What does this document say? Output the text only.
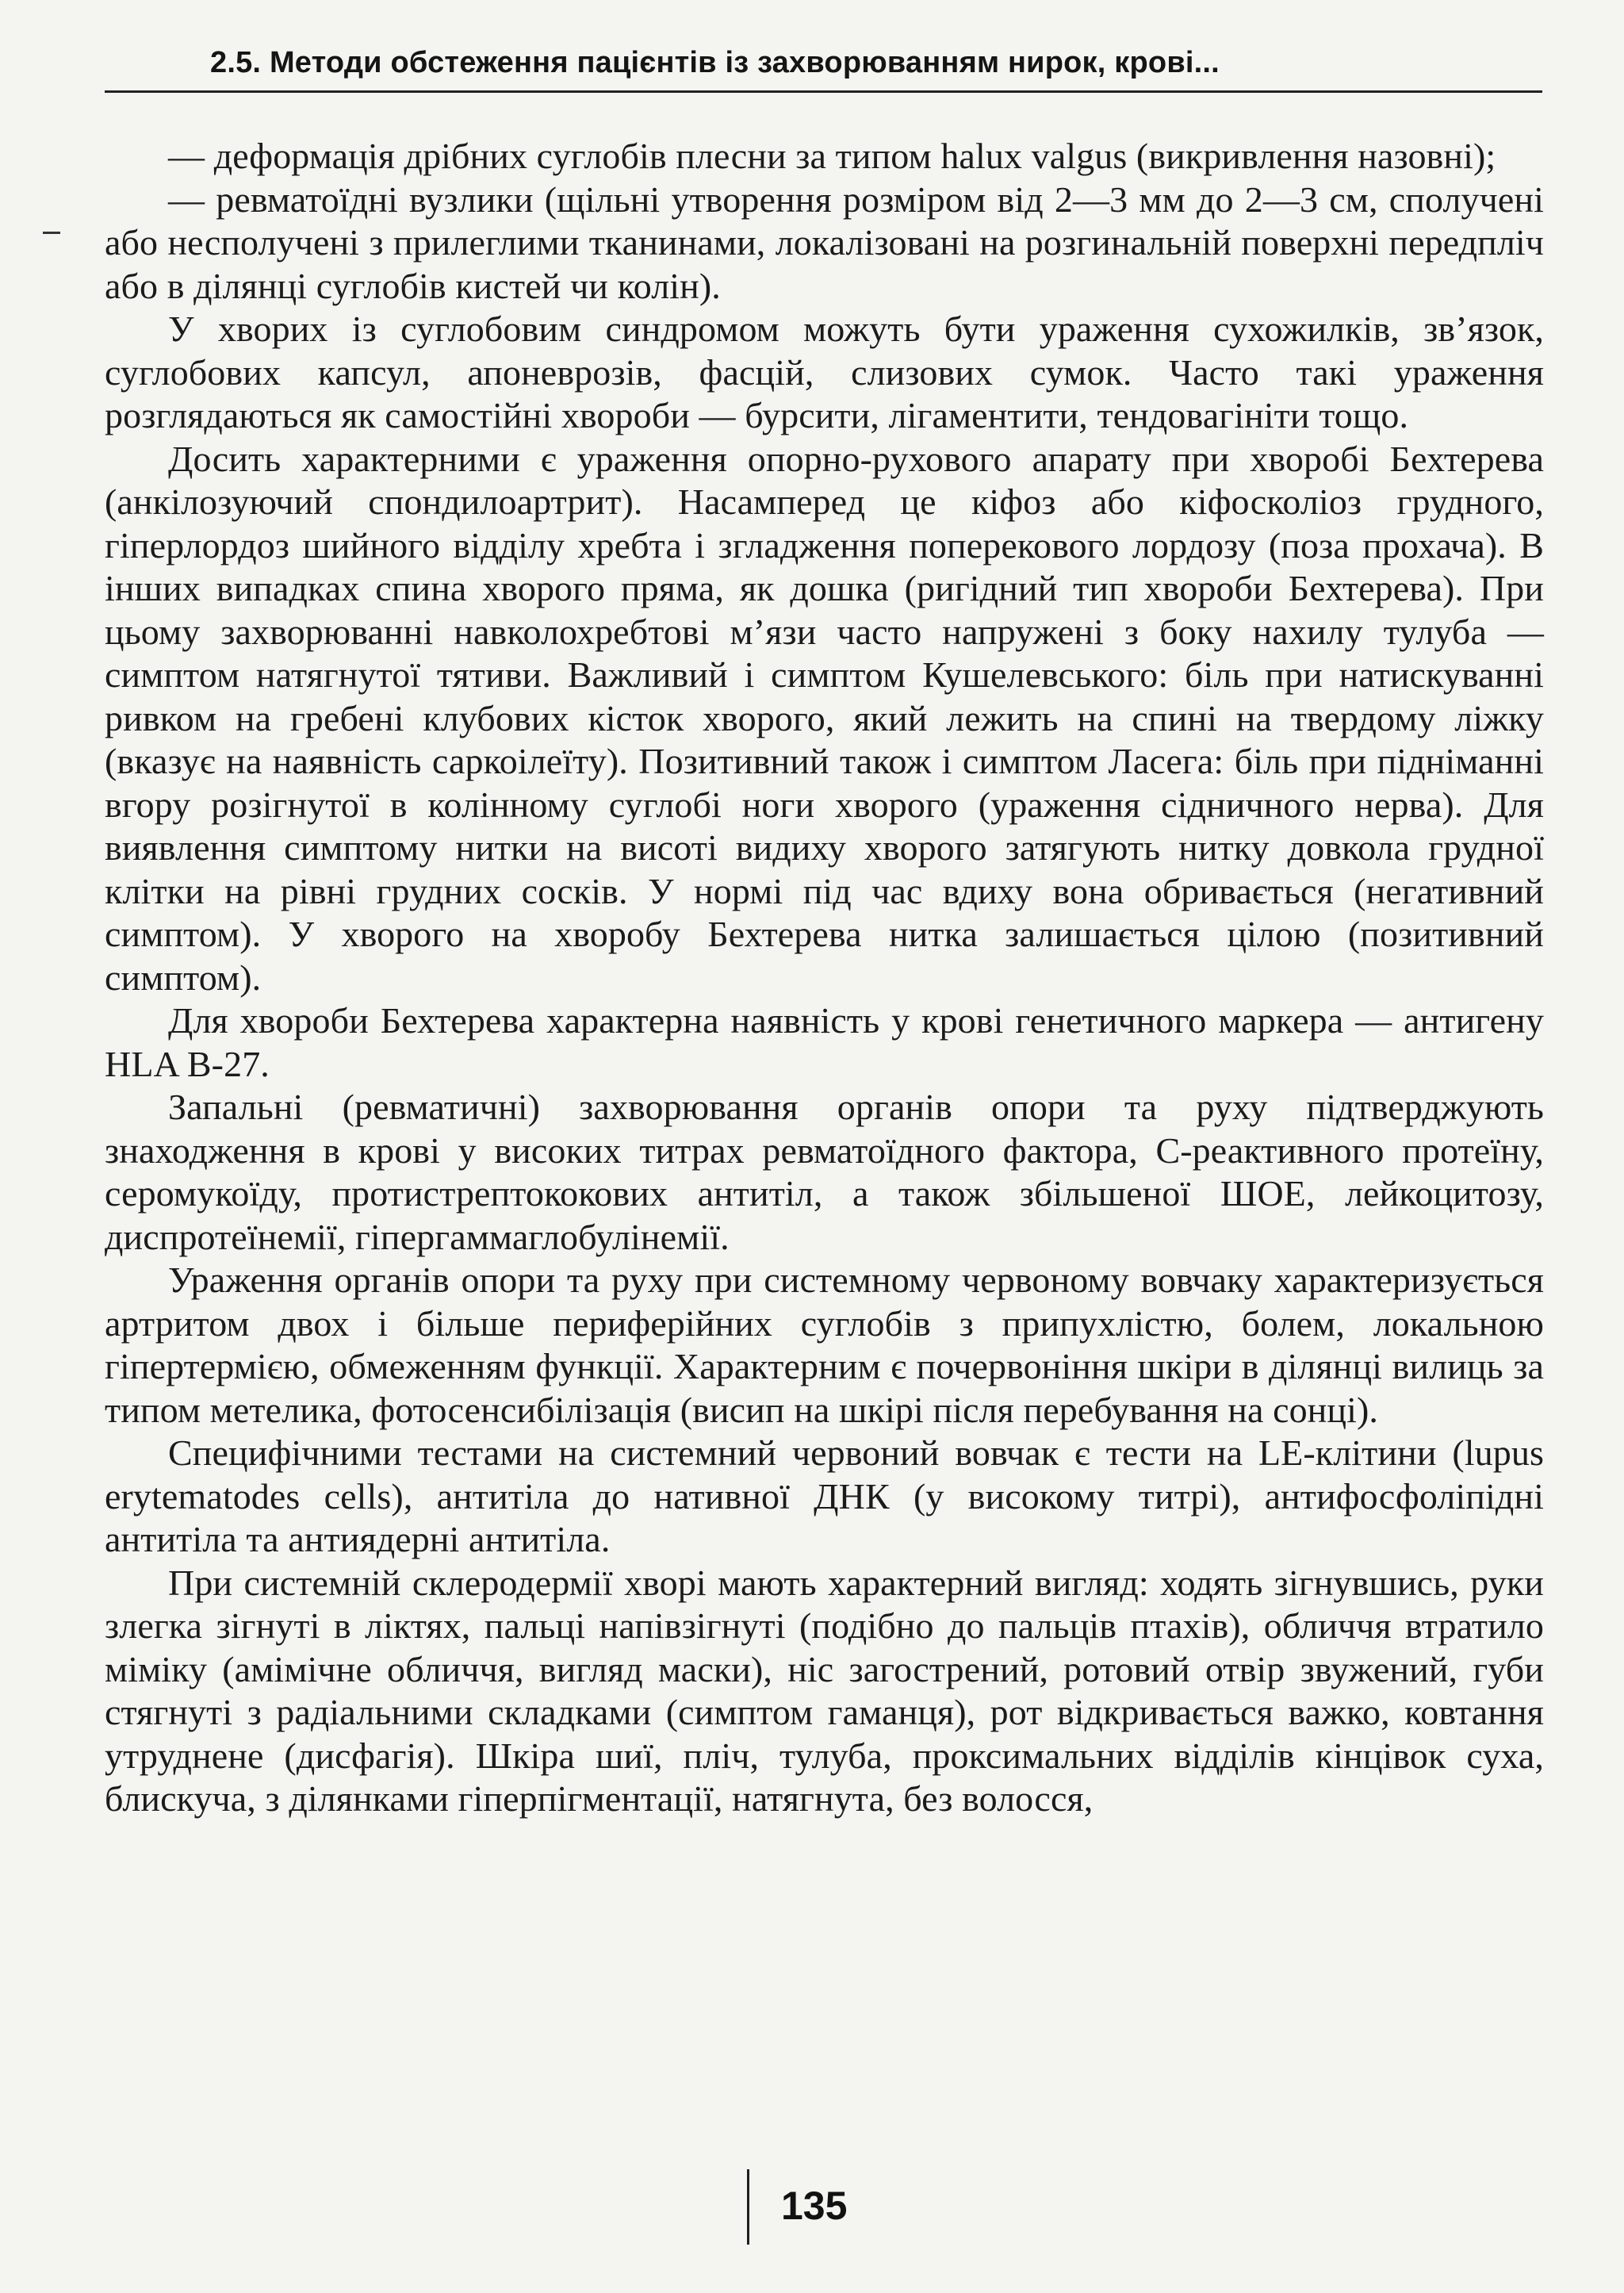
2.5. Методи обстеження пацієнтів із захворюванням нирок, крові...

— деформація дрібних суглобів плесни за типом halux valgus (викривлення назовні);

— ревматоїдні вузлики (щільні утворення розміром від 2—3 мм до 2—3 см, сполучені або несполучені з прилеглими тканинами, локалізовані на розгинальній поверхні передпліч або в ділянці суглобів кистей чи колін).

У хворих із суглобовим синдромом можуть бути ураження сухожилків, зв’язок, суглобових капсул, апоневрозів, фасцій, слизових сумок. Часто такі ураження розглядаються як самостійні хвороби — бурсити, лігаментити, тендовагініти тощо.

Досить характерними є ураження опорно-рухового апарату при хворобі Бехтерева (анкілозуючий спондилоартрит). Насамперед це кіфоз або кіфосколіоз грудного, гіперлордоз шийного відділу хребта і згладження поперекового лордозу (поза прохача). В інших випадках спина хворого пряма, як дошка (ригідний тип хвороби Бехтерева). При цьому захворюванні навколохребтові м’язи часто напружені з боку нахилу тулуба — симптом натягнутої тятиви. Важливий і симптом Кушелевського: біль при натискуванні ривком на гребені клубових кісток хворого, який лежить на спині на твердому ліжку (вказує на наявність саркоілеїту). Позитивний також і симптом Ласега: біль при підніманні вгору розігнутої в колінному суглобі ноги хворого (ураження сідничного нерва). Для виявлення симптому нитки на висоті видиху хворого затягують нитку довкола грудної клітки на рівні грудних сосків. У нормі під час вдиху вона обривається (негативний симптом). У хворого на хворобу Бехтерева нитка залишається цілою (позитивний симптом).

Для хвороби Бехтерева характерна наявність у крові генетичного маркера — антигену HLA B-27.

Запальні (ревматичні) захворювання органів опори та руху підтверджують знаходження в крові у високих титрах ревматоїдного фактора, С-реактивного протеїну, серомукоїду, протистрептококових антитіл, а також збільшеної ШОЕ, лейкоцитозу, диспротеїнемії, гіпергаммаглобулінемії.

Ураження органів опори та руху при системному червоному вовчаку характеризується артритом двох і більше периферійних суглобів з припухлістю, болем, локальною гіпертермією, обмеженням функції. Характерним є почервоніння шкіри в ділянці вилиць за типом метелика, фотосенсибілізація (висип на шкірі після перебування на сонці).

Специфічними тестами на системний червоний вовчак є тести на LE-клітини (lupus erytematodes cells), антитіла до нативної ДНК (у високому титрі), антифосфоліпідні антитіла та антиядерні антитіла.

При системній склеродермії хворі мають характерний вигляд: ходять зігнувшись, руки злегка зігнуті в ліктях, пальці напівзігнуті (подібно до пальців птахів), обличчя втратило міміку (амімічне обличчя, вигляд маски), ніс загострений, ротовий отвір звужений, губи стягнуті з радіальними складками (симптом гаманця), рот відкривається важко, ковтання утруднене (дисфагія). Шкіра шиї, пліч, тулуба, проксимальних відділів кінцівок суха, блискуча, з ділянками гіперпігментації, натягнута, без волосся,

135
